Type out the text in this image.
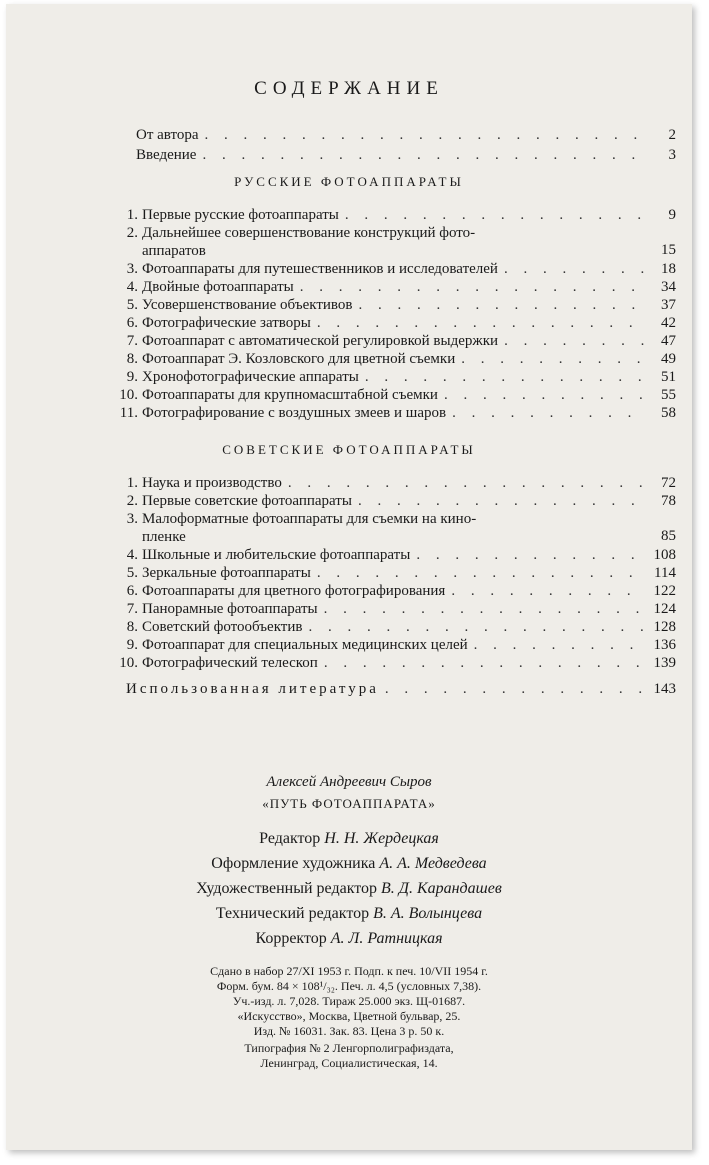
СОДЕРЖАНИЕ
От автора . . .	2
Введение . . .	3
РУССКИЕ ФОТОАППАРАТЫ
1. Первые русские фотоаппараты . . .	9
2. Дальнейшее совершенствование конструкций фото-
аппаратов	15
3. Фотоаппараты для путешественников и исследователей . . .	18
4. Двойные фотоаппараты . . .	34
5. Усовершенствование объективов . . .	37
6. Фотографические затворы . . .	42
7. Фотоаппарат с автоматической регулировкой выдержки . . .	47
8. Фотоаппарат Э. Козловского для цветной съемки . . .	49
9. Хронофотографические аппараты . . .	51
10. Фотоаппараты для крупномасштабной съемки . . .	55
11. Фотографирование с воздушных змеев и шаров . . .	58
СОВЕТСКИЕ ФОТОАППАРАТЫ
1. Наука и производство . . .	72
2. Первые советские фотоаппараты . . .	78
3. Малоформатные фотоаппараты для съемки на кино-
пленке	85
4. Школьные и любительские фотоаппараты . . .	108
5. Зеркальные фотоаппараты . . .	114
6. Фотоаппараты для цветного фотографирования . . .	122
7. Панорамные фотоаппараты . . .	124
8. Советский фотообъектив . . .	128
9. Фотоаппарат для специальных медицинских целей . . .	136
10. Фотографический телескоп . . .	139
Использованная литература . . .	143
Алексей Андреевич Сыров
«ПУТЬ ФОТОАППАРАТА»
Редактор Н. Н. Жердецкая
Оформление художника А. А. Медведева
Художественный редактор В. Д. Карандашев
Технический редактор В. А. Волынцева
Корректор А. Л. Ратницкая
Сдано в набор 27/XI 1953 г. Подп. к печ. 10/VII 1954 г.
Форм. бум. 84 × 108¹/₃₂. Печ. л. 4,5 (условных 7,38).
Уч.-изд. л. 7,028. Тираж 25.000 экз. Щ-01687.
«Искусство», Москва, Цветной бульвар, 25.
Изд. № 16031. Зак. 83. Цена 3 р. 50 к.
Типография № 2 Ленгорполиграфиздата,
Ленинград, Социалистическая, 14.
